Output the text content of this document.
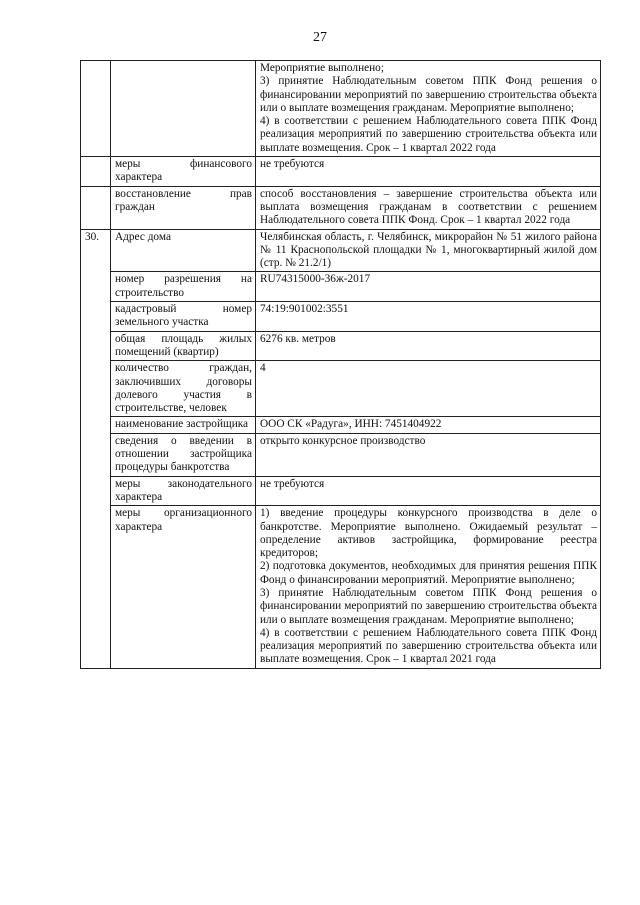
27

		Мероприятие выполнено;

3) принятие Наблюдательным советом ППК Фонд решения о финансировании мероприятий по завершению строительства объекта или о выплате возмещения гражданам. Мероприятие выполнено;

4) в соответствии с решением Наблюдательного совета ППК Фонд реализация мероприятий по завершению строительства объекта или выплате возмещения. Срок – 1 квартал 2022 года

	меры финансового характера	не требуются
	восстановление прав граждан	способ восстановления – завершение строительства объекта или выплата возмещения гражданам в соответствии с решением Наблюдательного совета ППК Фонд. Срок – 1 квартал 2022 года

30.	Адрес дома	Челябинская область, г. Челябинск, микрорайон № 51 жилого района № 11 Краснопольской площадки № 1, многоквартирный жилой дом (стр. № 21.2/1)

	номер разрешения на строительство	RU74315000-36ж-2017
	кадастровый номер земельного участка	74:19:901002:3551
	общая площадь жилых помещений (квартир)	6276 кв. метров
	количество граждан, заключивших договоры долевого участия в строительстве, человек	4
	наименование застройщика	ООО СК «Радуга», ИНН: 7451404922
	сведения о введении в отношении застройщика процедуры банкротства	открыто конкурсное производство
	меры законодательного характера	не требуются
	меры организационного характера	1) введение процедуры конкурсного производства в деле о банкротстве. Мероприятие выполнено. Ожидаемый результат – определение активов застройщика, формирование реестра кредиторов;

2) подготовка документов, необходимых для принятия решения ППК Фонд о финансировании мероприятий. Мероприятие выполнено;

3) принятие Наблюдательным советом ППК Фонд решения о финансировании мероприятий по завершению строительства объекта или о выплате возмещения гражданам. Мероприятие выполнено;

4) в соответствии с решением Наблюдательного совета ППК Фонд реализация мероприятий по завершению строительства объекта или выплате возмещения. Срок – 1 квартал 2021 года
